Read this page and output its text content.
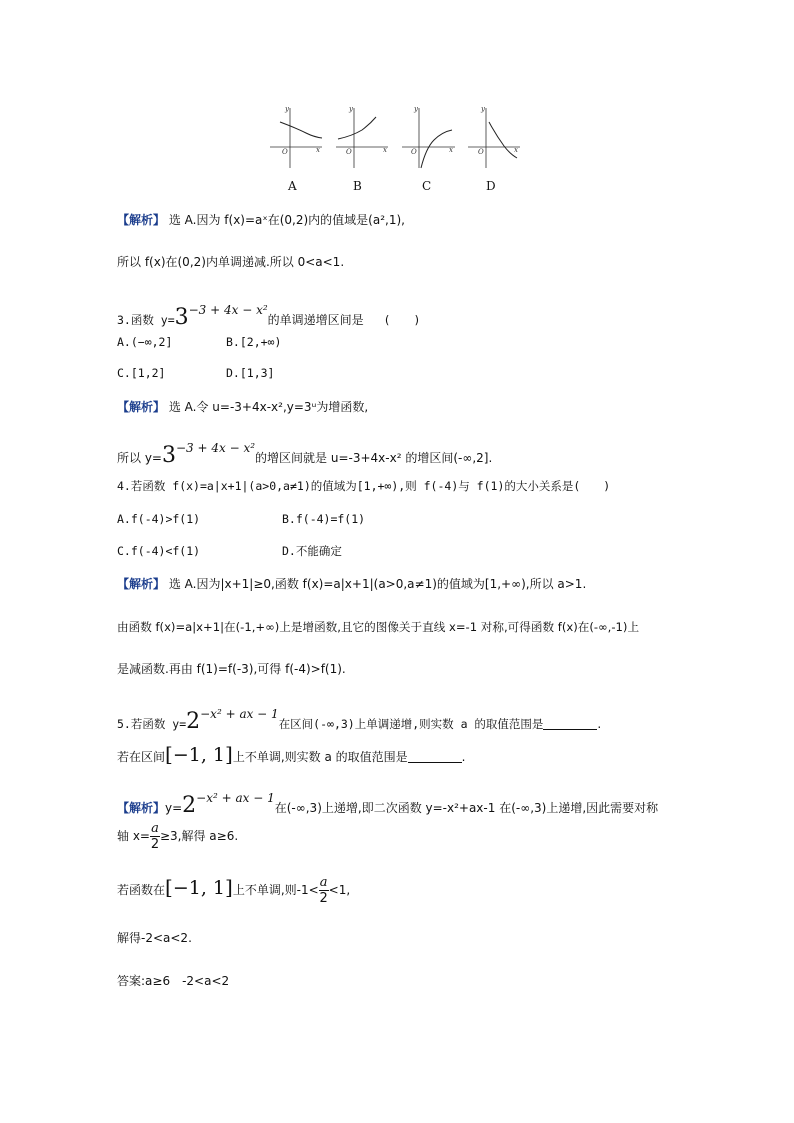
y
x
O
y
x
O
y
x
O
y
x
O
A	B	C	D
【解析】 选 A.因为 f(x)=aˣ在(0,2)内的值域是(a²,1),
所以 f(x)在(0,2)内单调递减.所以 0<a<1.
3.函数 y=3−3 + 4x − x²的单调递增区间是 (　　)
A.(−∞,2]	B.[2,+∞)
C.[1,2]	D.[1,3]
【解析】 选 A.令 u=-3+4x-x²,y=3ᵘ为增函数,
所以 y=3−3 + 4x − x²的增区间就是 u=-3+4x-x² 的增区间(-∞,2].
4.若函数 f(x)=a|x+1|(a>0,a≠1)的值域为[1,+∞),则 f(-4)与 f(1)的大小关系是(　　)
A.f(-4)>f(1)	B.f(-4)=f(1)
C.f(-4)<f(1)	D.不能确定
【解析】 选 A.因为|x+1|≥0,函数 f(x)=a|x+1|(a>0,a≠1)的值域为[1,+∞),所以 a>1.
由函数 f(x)=a|x+1|在(-1,+∞)上是增函数,且它的图像关于直线 x=-1 对称,可得函数 f(x)在(-∞,-1)上
是减函数.再由 f(1)=f(-3),可得 f(-4)>f(1).
5.若函数 y=2−x² + ax − 1在区间(-∞,3)上单调递增,则实数 a 的取值范围是	.
若在区间[−1, 1]上不单调,则实数 a 的取值范围是	.
【解析】y=2−x² + ax − 1在(-∞,3)上递增,即二次函数 y=-x²+ax-1 在(-∞,3)上递增,因此需要对称
轴 $x= \frac{a}{2} \ge 3$,解得 a≥6.
若函数在[−1, 1]上不单调,则$-1< \frac{a}{2} <1$,
解得-2<a<2.
答案:a≥6　-2<a<2
